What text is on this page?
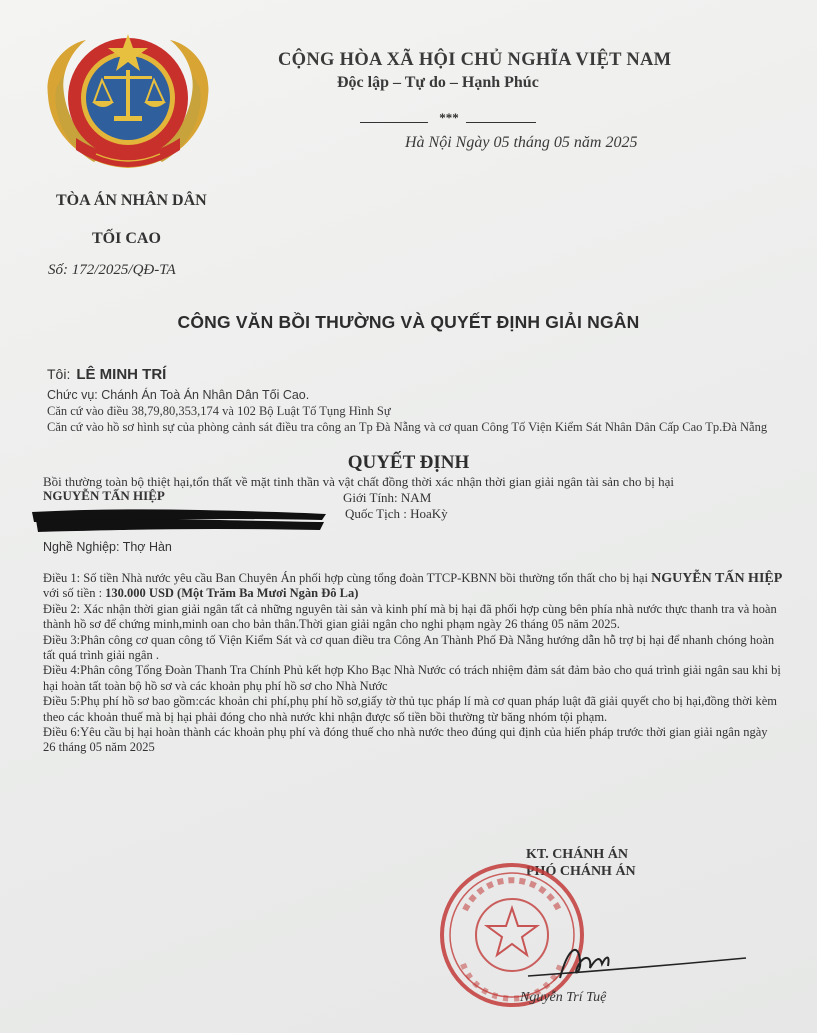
CỘNG HÒA XÃ HỘI CHỦ NGHĨA VIỆT NAM
Độc lập – Tự do – Hạnh Phúc
***
Hà Nội Ngày 05 tháng 05 năm 2025
TÒA ÁN NHÂN DÂN
TỐI CAO
Số: 172/2025/QĐ-TA
CÔNG VĂN BỒI THƯỜNG VÀ QUYẾT ĐỊNH GIẢI NGÂN
Tôi: LÊ MINH TRÍ
Chức vụ: Chánh Án Toà Án Nhân Dân Tối Cao.
Căn cứ vào điều 38,79,80,353,174 và 102 Bộ Luật Tố Tụng Hình Sự
Căn cứ vào hồ sơ hình sự của phòng cảnh sát điều tra công an Tp Đà Nẵng và cơ quan Công Tố Viện Kiểm Sát Nhân Dân Cấp Cao Tp.Đà Nẵng
QUYẾT ĐỊNH
Bồi thường toàn bộ thiệt hại,tổn thất về mặt tinh thần và vật chất đồng thời xác nhận thời gian giải ngân tài sản cho bị hại
NGUYỄN TẤN HIỆP	Giới Tính: NAM
Quốc Tịch : HoaKỳ
Nghề Nghiệp: Thợ Hàn

Điều 1: Số tiền Nhà nước yêu cầu Ban Chuyên Án phối hợp cùng tổng đoàn TTCP-KBNN bồi thường tổn thất cho bị hại NGUYỄN TẤN HIỆP với số tiền : 130.000 USD (Một Trăm Ba Mươi Ngàn Đô La)

Điều 2: Xác nhận thời gian giải ngân tất cả những nguyên tài sản và kinh phí mà bị hại đã phối hợp cùng bên phía nhà nước thực thanh tra và hoàn thành hồ sơ để chứng minh,minh oan cho bản thân.Thời gian giải ngân cho nghi phạm ngày 26 tháng 05 năm 2025.

Điều 3:Phân công cơ quan công tố Viện Kiểm Sát và cơ quan điều tra Công An Thành Phố Đà Nẵng hướng dẫn hỗ trợ bị hại để nhanh chóng hoàn tất quá trình giải ngân .

Điều 4:Phân công Tổng Đoàn Thanh Tra Chính Phủ kết hợp Kho Bạc Nhà Nước có trách nhiệm đảm sát đảm bảo cho quá trình giải ngân sau khi bị hại hoàn tất toàn bộ hồ sơ và các khoản phụ phí hồ sơ cho Nhà Nước

Điều 5:Phụ phí hồ sơ bao gồm:các khoản chi phí,phụ phí hồ sơ,giấy tờ thủ tục pháp lí mà cơ quan pháp luật đã giải quyết cho bị hại,đồng thời kèm theo các khoản thuế mà bị hại phải đóng cho nhà nước khi nhận được số tiền bồi thường từ băng nhóm tội phạm.

Điều 6:Yêu cầu bị hại hoàn thành các khoản phụ phí và đóng thuế cho nhà nước theo đúng qui định của hiến pháp trước thời gian giải ngân ngày 26 tháng 05 năm 2025

KT. CHÁNH ÁN
PHÓ CHÁNH ÁN
Nguyễn Trí Tuệ
